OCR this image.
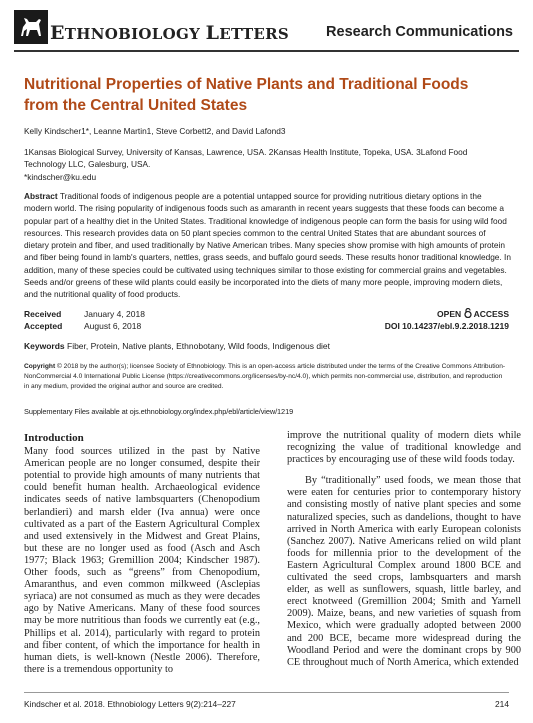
ETHNOBIOLOGY LETTERS	Research Communications
Nutritional Properties of Native Plants and Traditional Foods from the Central United States
Kelly Kindscher1*, Leanne Martin1, Steve Corbett2, and David Lafond3
1Kansas Biological Survey, University of Kansas, Lawrence, USA. 2Kansas Health Institute, Topeka, USA. 3Lafond Food Technology LLC, Galesburg, USA.
*kindscher@ku.edu

Abstract Traditional foods of indigenous people are a potential untapped source for providing nutritious dietary options in the modern world. The rising popularity of indigenous foods such as amaranth in recent years suggests that these foods can become a popular part of a healthy diet in the United States. Traditional knowledge of indigenous people can form the basis for using wild food resources. This research provides data on 50 plant species common to the central United States that are abundant sources of dietary protein and fiber, and used traditionally by Native American tribes. Many species show promise with high amounts of protein and fiber being found in lamb's quarters, nettles, grass seeds, and buffalo gourd seeds. These results honor traditional knowledge. In addition, many of these species could be cultivated using techniques similar to those existing for commercial grains and vegetables. Seeds and/or greens of these wild plants could easily be incorporated into the diets of many more people, improving modern diets, and the nutritional quality of food products.

Received	January 4, 2018
Accepted	August 6, 2018
OPEN ACCESS
DOI 10.14237/ebl.9.2.2018.1219
Keywords Fiber, Protein, Native plants, Ethnobotany, Wild foods, Indigenous diet

Copyright © 2018 by the author(s); licensee Society of Ethnobiology. This is an open-access article distributed under the terms of the Creative Commons Attribution-NonCommercial 4.0 International Public License (https://creativecommons.org/licenses/by-nc/4.0), which permits non-commercial use, distribution, and reproduction in any medium, provided the original author and source are credited.

Supplementary Files available at ojs.ethnobiology.org/index.php/ebl/article/view/1219
Introduction

Many food sources utilized in the past by Native American people are no longer consumed, despite their potential to provide high amounts of many nutrients that could benefit human health. Archaeological evidence indicates seeds of native lambsquarters (Chenopodium berlandieri) and marsh elder (Iva annua) were once cultivated as a part of the Eastern Agricultural Complex and used extensively in the Midwest and Great Plains, but these are no longer used as food (Asch and Asch 1977; Black 1963; Gremillion 2004; Kindscher 1987). Other foods, such as “greens” from Chenopodium, Amaranthus, and even common milkweed (Asclepias syriaca) are not consumed as much as they were decades ago by Native Americans. Many of these food sources may be more nutritious than foods we currently eat (e.g., Phillips et al. 2014), particularly with regard to protein and fiber content, of which the importance for health in human diets, is well-known (Nestle 2006). Therefore, there is a tremendous opportunity to

improve the nutritional quality of modern diets while recognizing the value of traditional knowledge and practices by encouraging use of these wild foods today.

By “traditionally” used foods, we mean those that were eaten for centuries prior to contemporary history and consisting mostly of native plant species and some naturalized species, such as dandelions, thought to have arrived in North America with early European colonists (Sanchez 2007). Native Americans relied on wild plant foods for millennia prior to the development of the Eastern Agricultural Complex around 1800 BCE and cultivated the seed crops, lambsquarters and marsh elder, as well as sunflowers, squash, little barley, and erect knotweed (Gremillion 2004; Smith and Yarnell 2009). Maize, beans, and new varieties of squash from Mexico, which were gradually adopted between 2000 and 200 BCE, became more widespread during the Woodland Period and were the dominant crops by 900 CE throughout much of North America, which extended

Kindscher et al. 2018. Ethnobiology Letters 9(2):214–227	214
